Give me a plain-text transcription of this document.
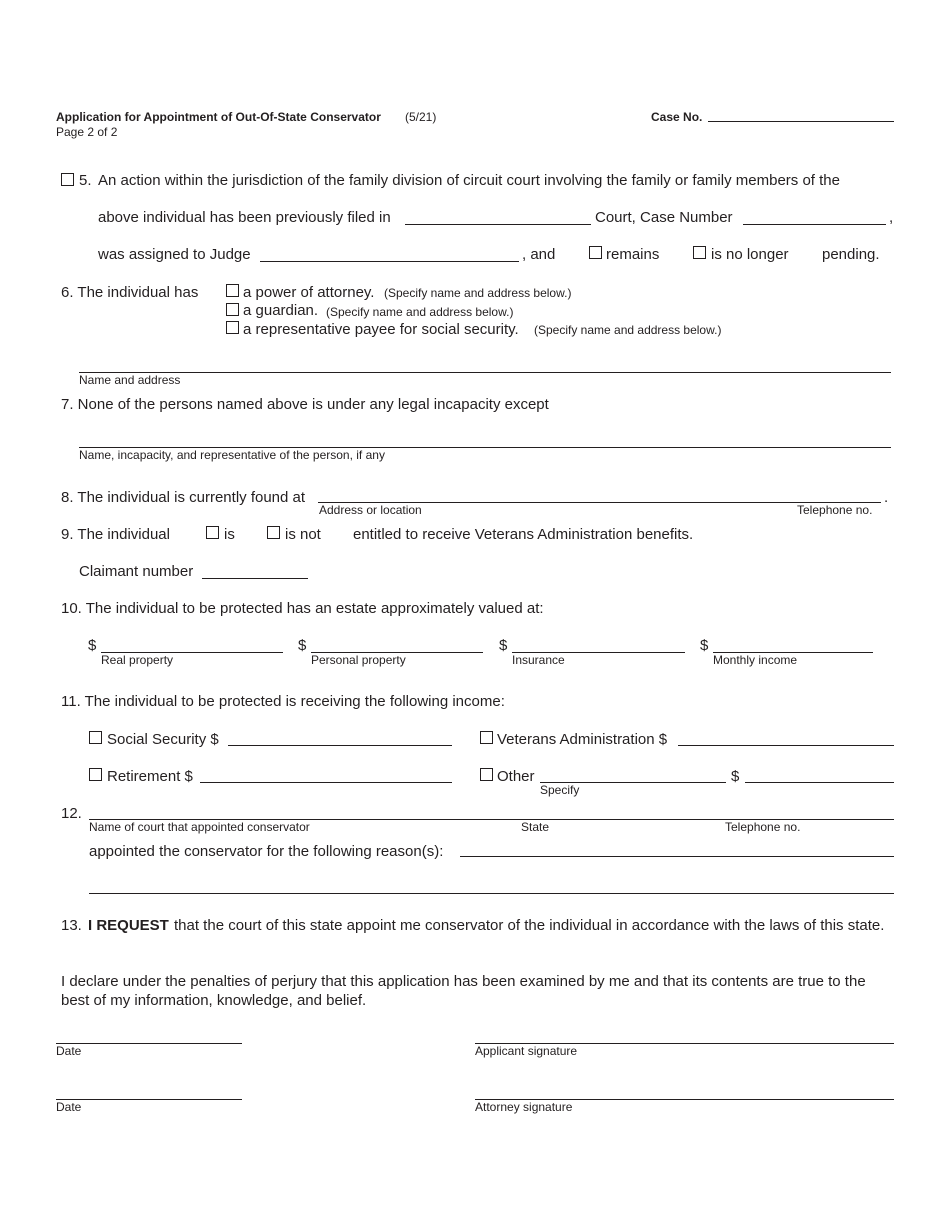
Application for Appointment of Out-Of-State Conservator (5/21)
Page 2 of 2
Case No.
5. An action within the jurisdiction of the family division of circuit court involving the family or family members of the
above individual has been previously filed in	Court, Case Number	,
was assigned to Judge	, and	remains	is no longer pending.
6. The individual has	a power of attorney. (Specify name and address below.)
a guardian. (Specify name and address below.)
a representative payee for social security. (Specify name and address below.)
Name and address
7. None of the persons named above is under any legal incapacity except
Name, incapacity, and representative of the person, if any
8. The individual is currently found at	.
Address or location	Telephone no.
9. The individual	is	is not entitled to receive Veterans Administration benefits.
Claimant number
10. The individual to be protected has an estate approximately valued at:
$
Real property
$
Personal property
$
Insurance
$
Monthly income
11. The individual to be protected is receiving the following income:
Social Security $	Veterans Administration $
Retirement $	Other
Specify
$
12.
Name of court that appointed conservator	State	Telephone no.
appointed the conservator for the following reason(s):
13. I REQUEST that the court of this state appoint me conservator of the individual in accordance with the laws of this state.
I declare under the penalties of perjury that this application has been examined by me and that its contents are true to the
best of my information, knowledge, and belief.
Date	Applicant signature
Date	Attorney signature
